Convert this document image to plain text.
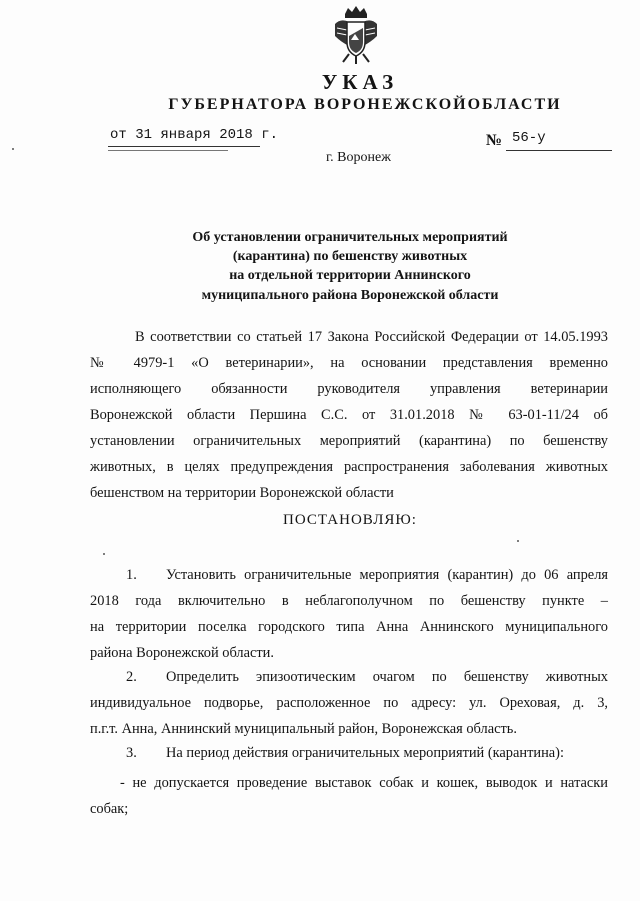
УКАЗ
ГУБЕРНАТОРА ВОРОНЕЖСКОЙОБЛАСТИ
от 31 января 2018 г.	№ 56-у
г. Воронеж
Об установлении ограничительных мероприятий
(карантина) по бешенству животных
на отдельной территории Аннинского
муниципального района Воронежской области
В соответствии со статьей 17 Закона Российской Федерации от 14.05.1993
№ 4979-1 «О ветеринарии», на основании представления временно
исполняющего обязанности руководителя управления ветеринарии
Воронежской области Першина С.С. от 31.01.2018 № 63-01-11/24 об
установлении ограничительных мероприятий (карантина) по бешенству
животных, в целях предупреждения распространения заболевания животных
бешенством на территории Воронежской области
ПОСТАНОВЛЯЮ:
1. Установить ограничительные мероприятия (карантин) до 06 апреля
2018 года включительно в неблагополучном по бешенству пункте –
на территории поселка городского типа Анна Аннинского муниципального
района Воронежской области.
2. Определить эпизоотическим очагом по бешенству животных
индивидуальное подворье, расположенное по адресу: ул. Ореховая, д. 3,
п.г.т. Анна, Аннинский муниципальный район, Воронежская область.
3. На период действия ограничительных мероприятий (карантина):
- не допускается проведение выставок собак и кошек, выводок и натаски
собак;
